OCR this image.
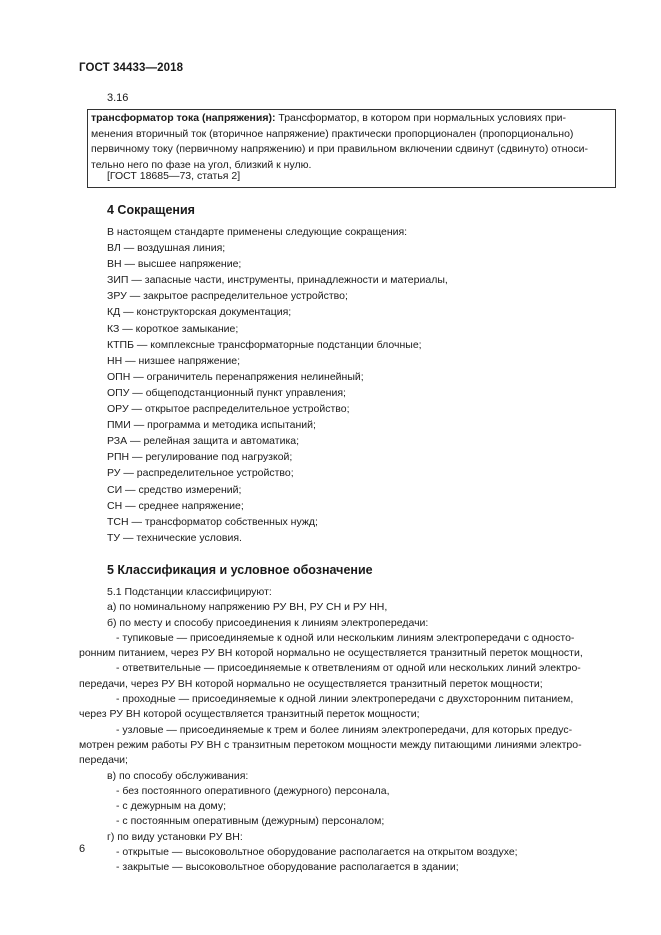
ГОСТ 34433—2018
3.16
трансформатор тока (напряжения): Трансформатор, в котором при нормальных условиях при-
менения вторичный ток (вторичное напряжение) практически пропорционален (пропорционально)
первичному току (первичному напряжению) и при правильном включении сдвинут (сдвинуто) относи-
тельно него по фазе на угол, близкий к нулю.
[ГОСТ 18685—73, статья 2]
4 Сокращения
В настоящем стандарте применены следующие сокращения:
ВЛ — воздушная линия;
ВН — высшее напряжение;
ЗИП — запасные части, инструменты, принадлежности и материалы,
ЗРУ — закрытое распределительное устройство;
КД — конструкторская документация;
КЗ — короткое замыкание;
КТПБ — комплексные трансформаторные подстанции блочные;
НН — низшее напряжение;
ОПН — ограничитель перенапряжения нелинейный;
ОПУ — общеподстанционный пункт управления;
ОРУ — открытое распределительное устройство;
ПМИ — программа и методика испытаний;
РЗА — релейная защита и автоматика;
РПН — регулирование под нагрузкой;
РУ — распределительное устройство;
СИ — средство измерений;
СН — среднее напряжение;
ТСН — трансформатор собственных нужд;
ТУ — технические условия.
5 Классификация и условное обозначение
5.1 Подстанции классифицируют:
а) по номинальному напряжению РУ ВН, РУ СН и РУ НН,
б) по месту и способу присоединения к линиям электропередачи:
- тупиковые — присоединяемые к одной или нескольким линиям электропередачи с односто-
ронним питанием, через РУ ВН которой нормально не осуществляется транзитный переток мощности,
- ответвительные — присоединяемые к ответвлениям от одной или нескольких линий электро-
передачи, через РУ ВН которой нормально не осуществляется транзитный переток мощности;
- проходные — присоединяемые к одной линии электропередачи с двухсторонним питанием,
через РУ ВН которой осуществляется транзитный переток мощности;
- узловые — присоединяемые к трем и более линиям электропередачи, для которых предус-
мотрен режим работы РУ ВН с транзитным перетоком мощности между питающими линиями электро-
передачи;
в) по способу обслуживания:
- без постоянного оперативного (дежурного) персонала,
- с дежурным на дому;
- с постоянным оперативным (дежурным) персоналом;
г) по виду установки РУ ВН:
- открытые — высоковольтное оборудование располагается на открытом воздухе;
- закрытые — высоковольтное оборудование располагается в здании;
6
